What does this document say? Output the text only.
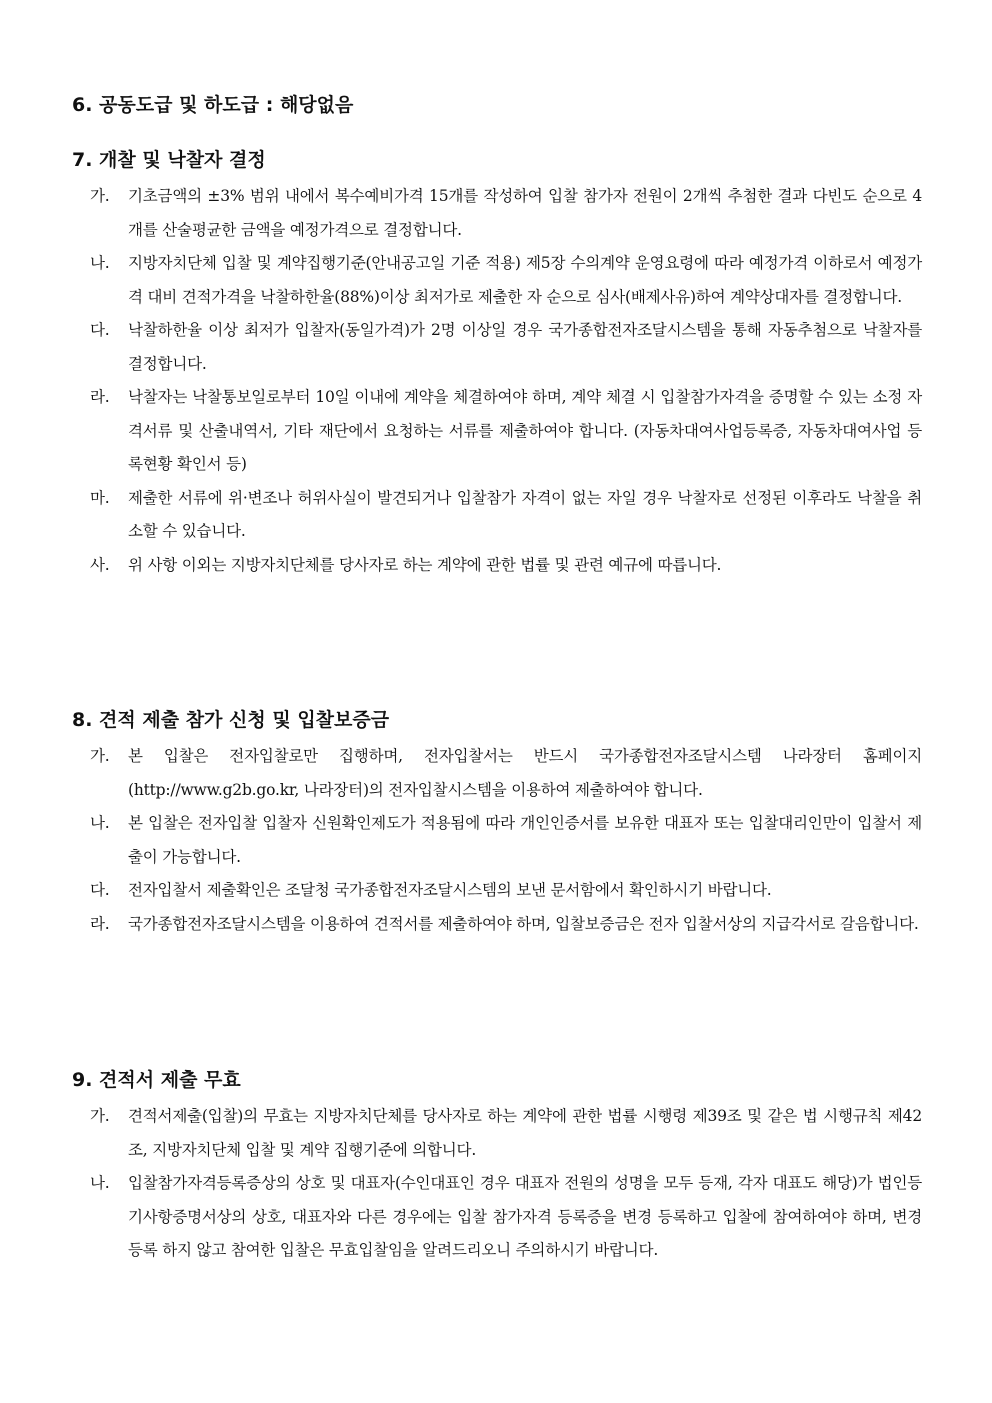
6. 공동도급 및 하도급 : 해당없음
7. 개찰 및 낙찰자 결정
가. 기초금액의 ±3% 범위 내에서 복수예비가격 15개를 작성하여 입찰 참가자 전원이 2개씩 추첨한 결과 다빈도 순으로 4개를 산술평균한 금액을 예정가격으로 결정합니다.
나. 지방자치단체 입찰 및 계약집행기준(안내공고일 기준 적용) 제5장 수의계약 운영요령에 따라 예정가격 이하로서 예정가격 대비 견적가격을 낙찰하한율(88%)이상 최저가로 제출한 자 순으로 심사(배제사유)하여 계약상대자를 결정합니다.
다. 낙찰하한율 이상 최저가 입찰자(동일가격)가 2명 이상일 경우 국가종합전자조달시스템을 통해 자동추첨으로 낙찰자를 결정합니다.
라. 낙찰자는 낙찰통보일로부터 10일 이내에 계약을 체결하여야 하며, 계약 체결 시 입찰참가자격을 증명할 수 있는 소정 자격서류 및 산출내역서, 기타 재단에서 요청하는 서류를 제출하여야 합니다. (자동차대여사업등록증, 자동차대여사업 등록현황 확인서 등)
마. 제출한 서류에 위·변조나 허위사실이 발견되거나 입찰참가 자격이 없는 자일 경우 낙찰자로 선정된 이후라도 낙찰을 취소할 수 있습니다.
사. 위 사항 이외는 지방자치단체를 당사자로 하는 계약에 관한 법률 및 관련 예규에 따릅니다.
8. 견적 제출 참가 신청 및 입찰보증금
가. 본 입찰은 전자입찰로만 집행하며, 전자입찰서는 반드시 국가종합전자조달시스템 나라장터 홈페이지(http://www.g2b.go.kr, 나라장터)의 전자입찰시스템을 이용하여 제출하여야 합니다.
나. 본 입찰은 전자입찰 입찰자 신원확인제도가 적용됨에 따라 개인인증서를 보유한 대표자 또는 입찰대리인만이 입찰서 제출이 가능합니다.
다. 전자입찰서 제출확인은 조달청 국가종합전자조달시스템의 보낸 문서함에서 확인하시기 바랍니다.
라. 국가종합전자조달시스템을 이용하여 견적서를 제출하여야 하며, 입찰보증금은 전자 입찰서상의 지급각서로 갈음합니다.
9. 견적서 제출 무효
가. 견적서제출(입찰)의 무효는 지방자치단체를 당사자로 하는 계약에 관한 법률 시행령 제39조 및 같은 법 시행규칙 제42조, 지방자치단체 입찰 및 계약 집행기준에 의합니다.
나. 입찰참가자격등록증상의 상호 및 대표자(수인대표인 경우 대표자 전원의 성명을 모두 등재, 각자 대표도 해당)가 법인등기사항증명서상의 상호, 대표자와 다른 경우에는 입찰 참가자격 등록증을 변경 등록하고 입찰에 참여하여야 하며, 변경등록 하지 않고 참여한 입찰은 무효입찰임을 알려드리오니 주의하시기 바랍니다.
